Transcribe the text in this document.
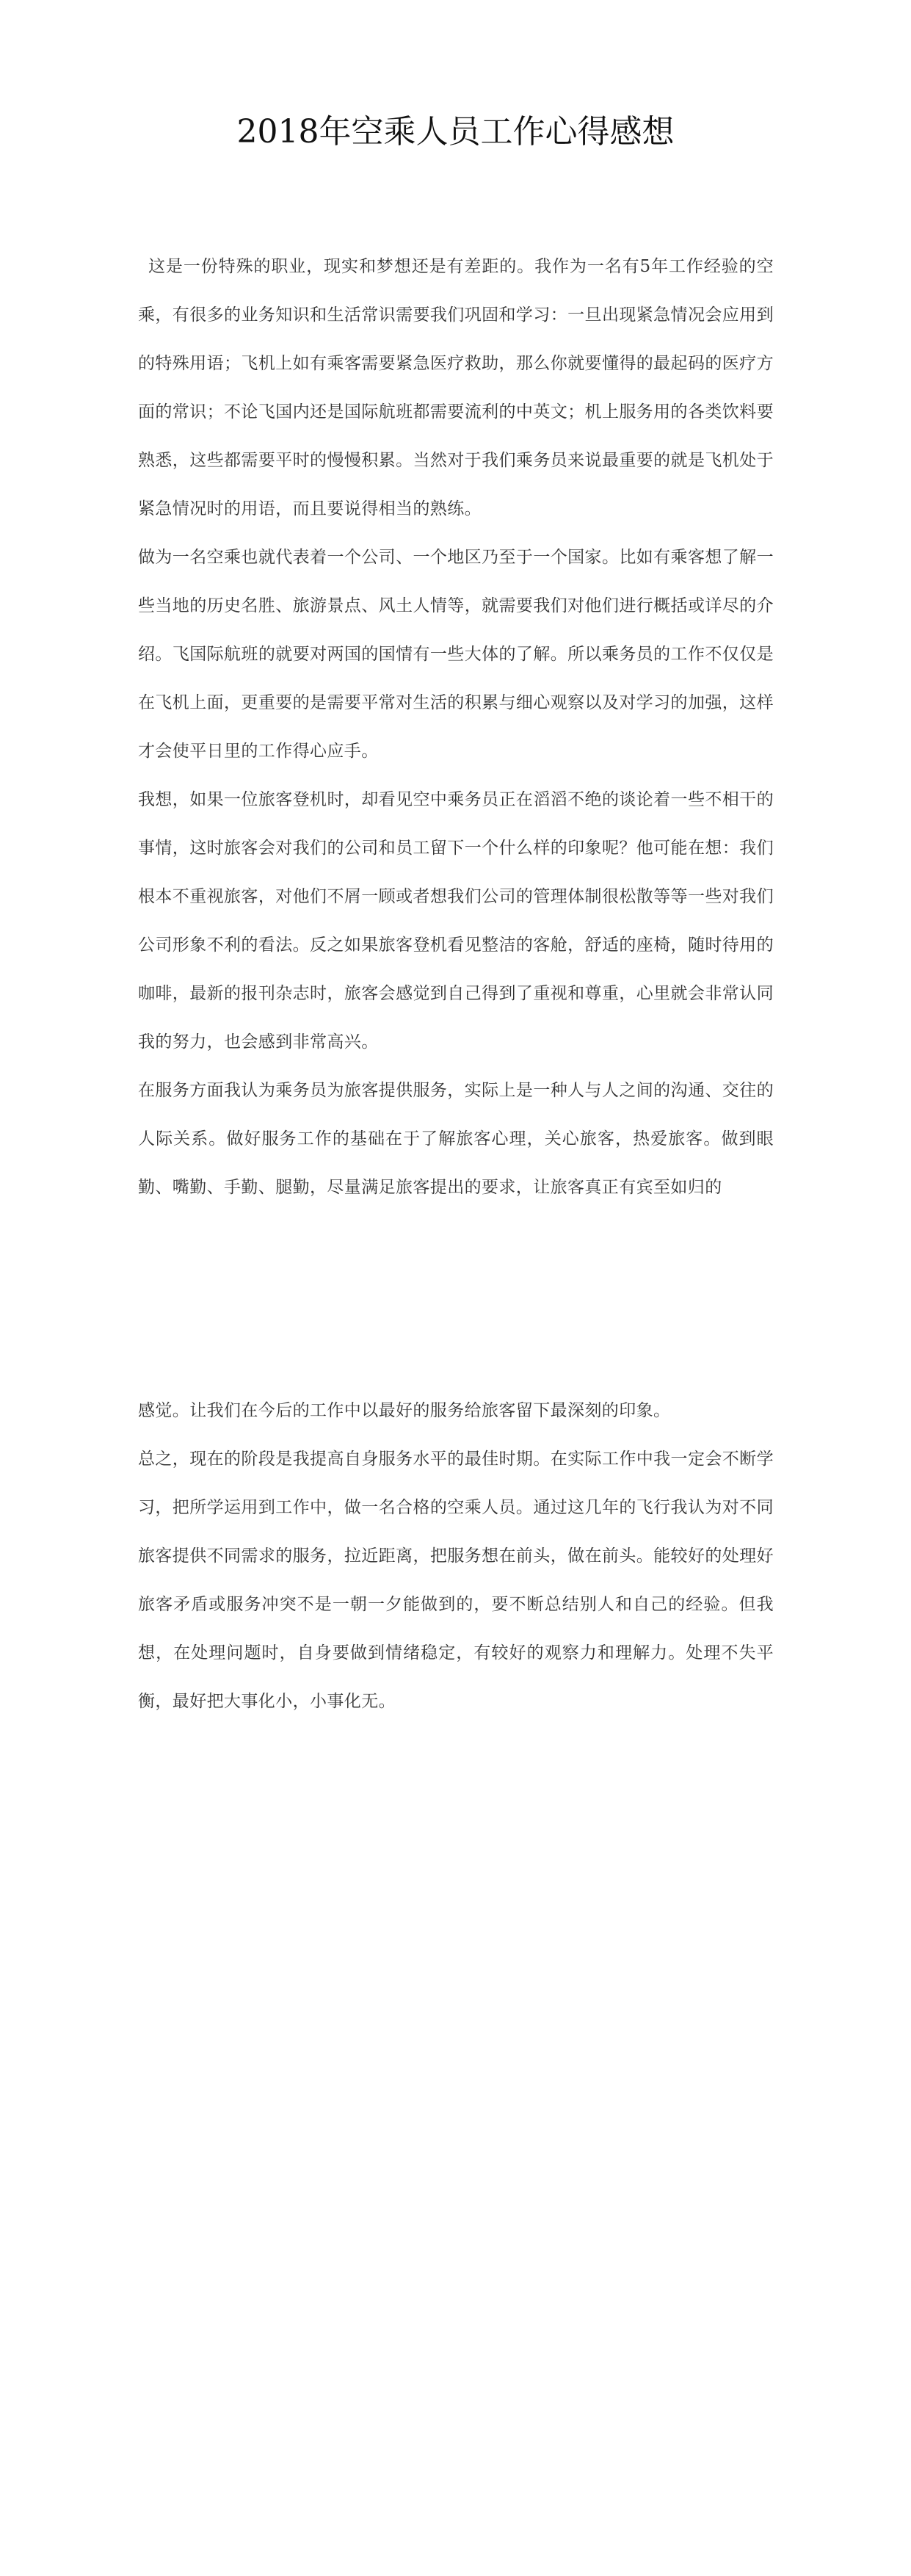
2018年空乘人员工作心得感想

这是一份特殊的职业，现实和梦想还是有差距的。我作为一名有5年工作经验的空乘，有很多的业务知识和生活常识需要我们巩固和学习：一旦出现紧急情况会应用到的特殊用语；飞机上如有乘客需要紧急医疗救助，那么你就要懂得的最起码的医疗方面的常识；不论飞国内还是国际航班都需要流利的中英文；机上服务用的各类饮料要熟悉，这些都需要平时的慢慢积累。当然对于我们乘务员来说最重要的就是飞机处于紧急情况时的用语，而且要说得相当的熟练。

做为一名空乘也就代表着一个公司、一个地区乃至于一个国家。比如有乘客想了解一些当地的历史名胜、旅游景点、风土人情等，就需要我们对他们进行概括或详尽的介绍。飞国际航班的就要对两国的国情有一些大体的了解。所以乘务员的工作不仅仅是在飞机上面，更重要的是需要平常对生活的积累与细心观察以及对学习的加强，这样才会使平日里的工作得心应手。

我想，如果一位旅客登机时，却看见空中乘务员正在滔滔不绝的谈论着一些不相干的事情，这时旅客会对我们的公司和员工留下一个什么样的印象呢？他可能在想：我们根本不重视旅客，对他们不屑一顾或者想我们公司的管理体制很松散等等一些对我们公司形象不利的看法。反之如果旅客登机看见整洁的客舱，舒适的座椅，随时待用的咖啡，最新的报刊杂志时，旅客会感觉到自己得到了重视和尊重，心里就会非常认同我的努力，也会感到非常高兴。

在服务方面我认为乘务员为旅客提供服务，实际上是一种人与人之间的沟通、交往的人际关系。做好服务工作的基础在于了解旅客心理，关心旅客，热爱旅客。做到眼勤、嘴勤、手勤、腿勤，尽量满足旅客提出的要求，让旅客真正有宾至如归的

感觉。让我们在今后的工作中以最好的服务给旅客留下最深刻的印象。

总之，现在的阶段是我提高自身服务水平的最佳时期。在实际工作中我一定会不断学习，把所学运用到工作中，做一名合格的空乘人员。通过这几年的飞行我认为对不同旅客提供不同需求的服务，拉近距离，把服务想在前头，做在前头。能较好的处理好旅客矛盾或服务冲突不是一朝一夕能做到的，要不断总结别人和自己的经验。但我想，在处理问题时，自身要做到情绪稳定，有较好的观察力和理解力。处理不失平衡，最好把大事化小，小事化无。
